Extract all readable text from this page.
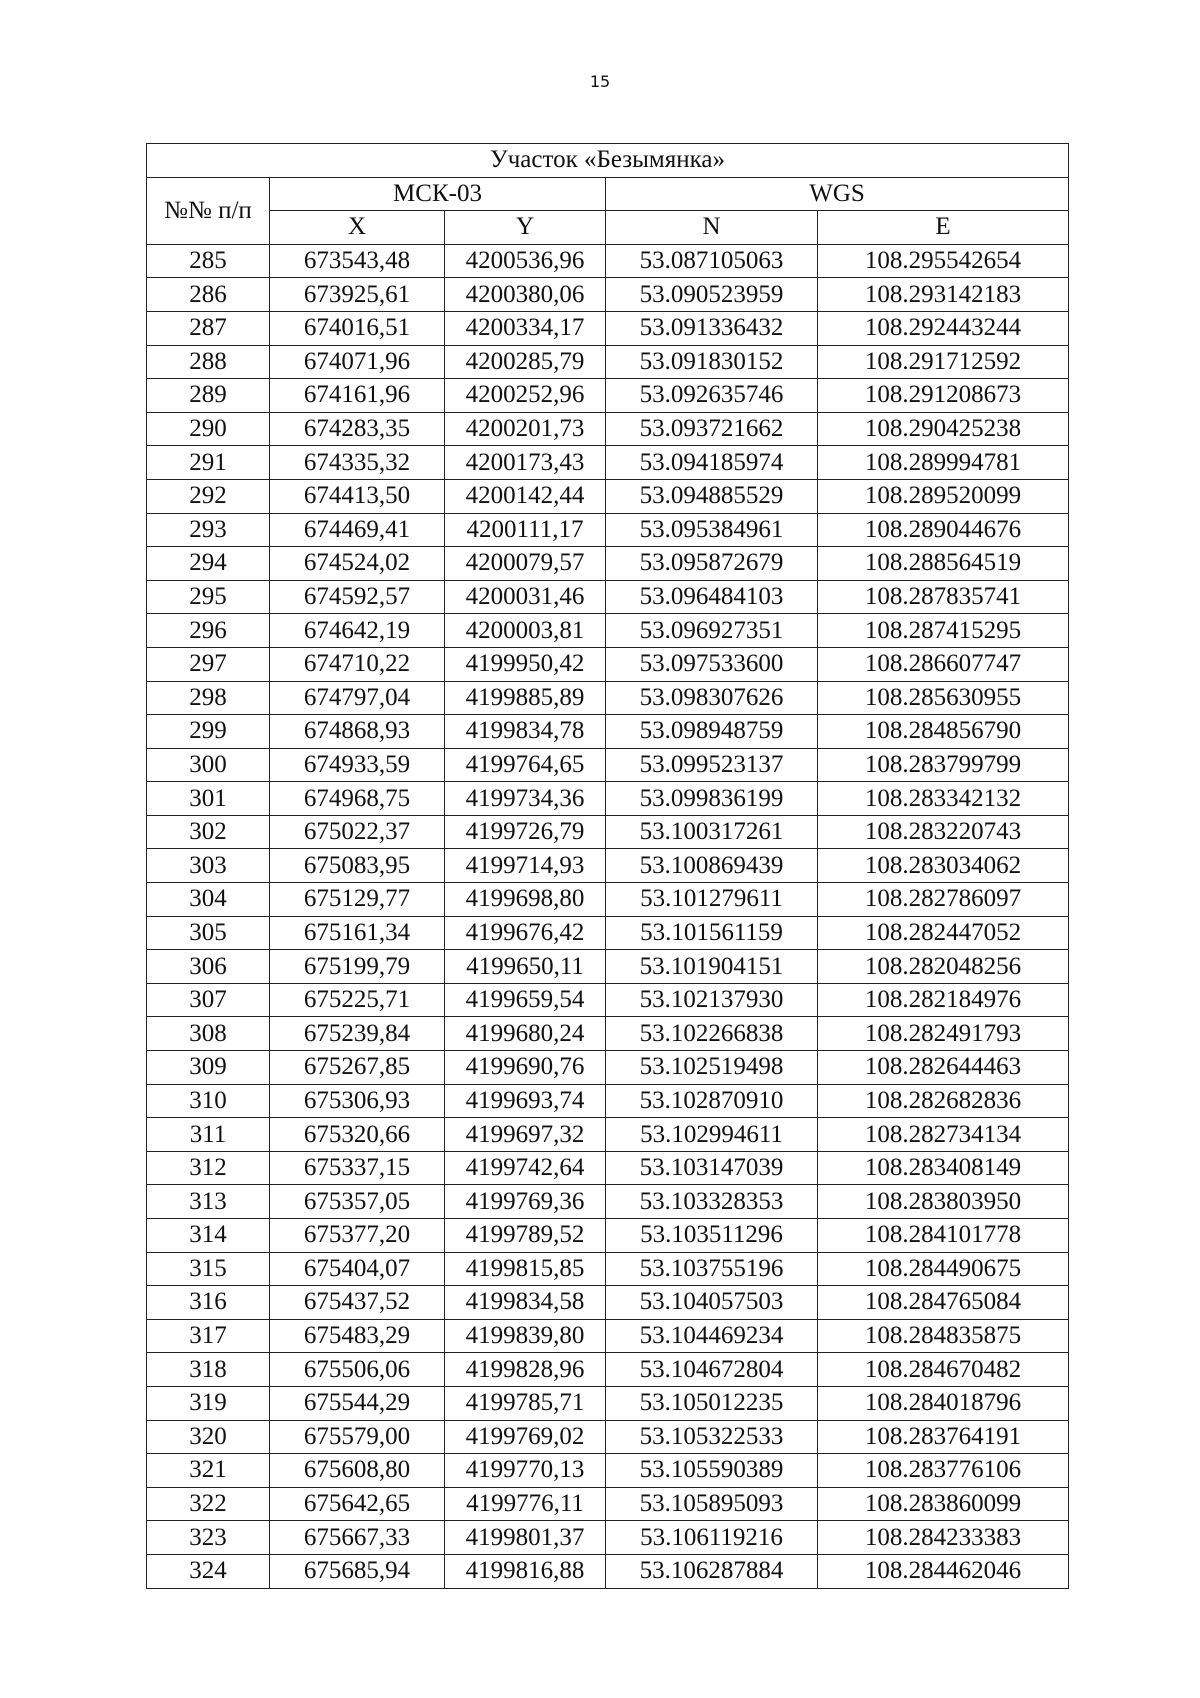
15
Участок «Безымянка»				
№№ п/п	МСК-03		WGS	
	X	Y	N	E
285	673543,48	4200536,96	53.087105063	108.295542654
286	673925,61	4200380,06	53.090523959	108.293142183
287	674016,51	4200334,17	53.091336432	108.292443244
288	674071,96	4200285,79	53.091830152	108.291712592
289	674161,96	4200252,96	53.092635746	108.291208673
290	674283,35	4200201,73	53.093721662	108.290425238
291	674335,32	4200173,43	53.094185974	108.289994781
292	674413,50	4200142,44	53.094885529	108.289520099
293	674469,41	4200111,17	53.095384961	108.289044676
294	674524,02	4200079,57	53.095872679	108.288564519
295	674592,57	4200031,46	53.096484103	108.287835741
296	674642,19	4200003,81	53.096927351	108.287415295
297	674710,22	4199950,42	53.097533600	108.286607747
298	674797,04	4199885,89	53.098307626	108.285630955
299	674868,93	4199834,78	53.098948759	108.284856790
300	674933,59	4199764,65	53.099523137	108.283799799
301	674968,75	4199734,36	53.099836199	108.283342132
302	675022,37	4199726,79	53.100317261	108.283220743
303	675083,95	4199714,93	53.100869439	108.283034062
304	675129,77	4199698,80	53.101279611	108.282786097
305	675161,34	4199676,42	53.101561159	108.282447052
306	675199,79	4199650,11	53.101904151	108.282048256
307	675225,71	4199659,54	53.102137930	108.282184976
308	675239,84	4199680,24	53.102266838	108.282491793
309	675267,85	4199690,76	53.102519498	108.282644463
310	675306,93	4199693,74	53.102870910	108.282682836
311	675320,66	4199697,32	53.102994611	108.282734134
312	675337,15	4199742,64	53.103147039	108.283408149
313	675357,05	4199769,36	53.103328353	108.283803950
314	675377,20	4199789,52	53.103511296	108.284101778
315	675404,07	4199815,85	53.103755196	108.284490675
316	675437,52	4199834,58	53.104057503	108.284765084
317	675483,29	4199839,80	53.104469234	108.284835875
318	675506,06	4199828,96	53.104672804	108.284670482
319	675544,29	4199785,71	53.105012235	108.284018796
320	675579,00	4199769,02	53.105322533	108.283764191
321	675608,80	4199770,13	53.105590389	108.283776106
322	675642,65	4199776,11	53.105895093	108.283860099
323	675667,33	4199801,37	53.106119216	108.284233383
324	675685,94	4199816,88	53.106287884	108.284462046
